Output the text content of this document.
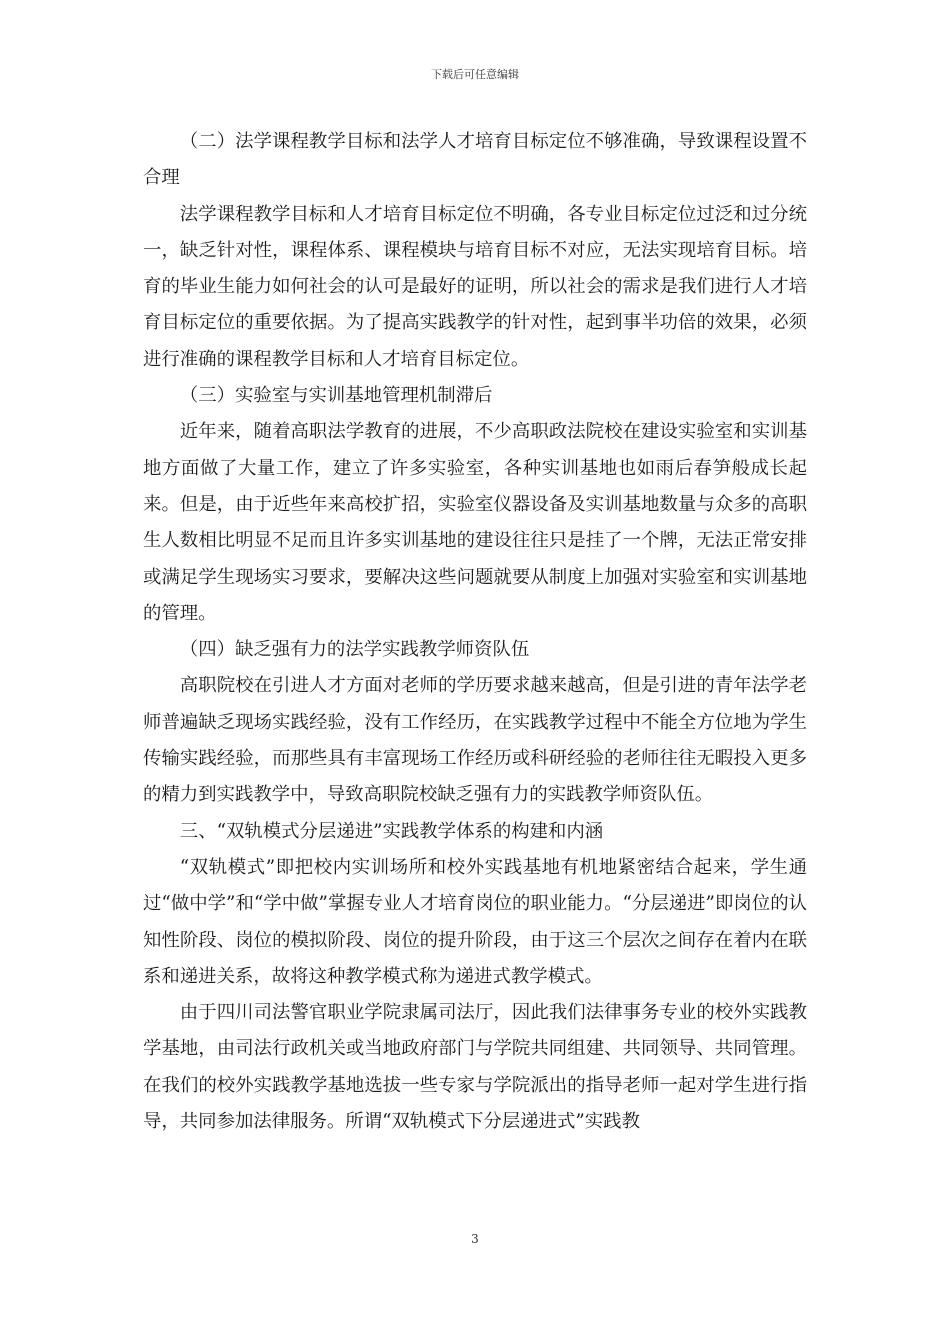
下载后可任意编辑

（二）法学课程教学目标和法学人才培育目标定位不够准确，导致课程设置不合理

法学课程教学目标和人才培育目标定位不明确，各专业目标定位过泛和过分统一，缺乏针对性，课程体系、课程模块与培育目标不对应，无法实现培育目标。培育的毕业生能力如何社会的认可是最好的证明，所以社会的需求是我们进行人才培育目标定位的重要依据。为了提高实践教学的针对性，起到事半功倍的效果，必须进行准确的课程教学目标和人才培育目标定位。

（三）实验室与实训基地管理机制滞后

近年来，随着高职法学教育的进展，不少高职政法院校在建设实验室和实训基地方面做了大量工作，建立了许多实验室，各种实训基地也如雨后春笋般成长起来。但是，由于近些年来高校扩招，实验室仪器设备及实训基地数量与众多的高职生人数相比明显不足而且许多实训基地的建设往往只是挂了一个牌，无法正常安排或满足学生现场实习要求，要解决这些问题就要从制度上加强对实验室和实训基地的管理。

（四）缺乏强有力的法学实践教学师资队伍

高职院校在引进人才方面对老师的学历要求越来越高，但是引进的青年法学老师普遍缺乏现场实践经验，没有工作经历，在实践教学过程中不能全方位地为学生传输实践经验，而那些具有丰富现场工作经历或科研经验的老师往往无暇投入更多的精力到实践教学中，导致高职院校缺乏强有力的实践教学师资队伍。

三、“双轨模式分层递进”实践教学体系的构建和内涵

“双轨模式”即把校内实训场所和校外实践基地有机地紧密结合起来，学生通过“做中学”和“学中做”掌握专业人才培育岗位的职业能力。“分层递进”即岗位的认知性阶段、岗位的模拟阶段、岗位的提升阶段，由于这三个层次之间存在着内在联系和递进关系，故将这种教学模式称为递进式教学模式。

由于四川司法警官职业学院隶属司法厅，因此我们法律事务专业的校外实践教学基地，由司法行政机关或当地政府部门与学院共同组建、共同领导、共同管理。在我们的校外实践教学基地选拔一些专家与学院派出的指导老师一起对学生进行指导，共同参加法律服务。所谓“双轨模式下分层递进式”实践教

3
